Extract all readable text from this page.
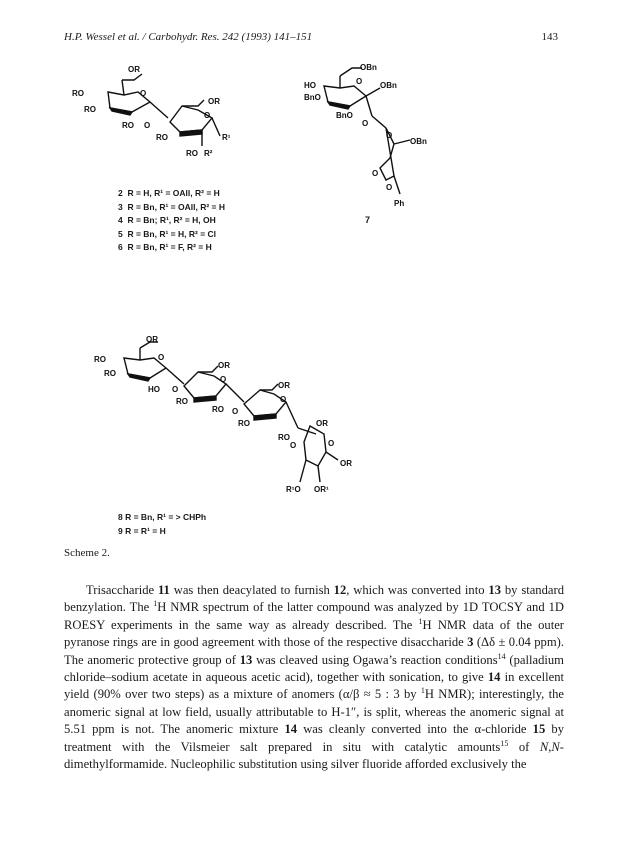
H.P. Wessel et al. / Carbohydr. Res. 242 (1993) 141–151	143
OR
RO
RO
O
RO O
OR
O
RO	R¹
RO R²
2 R = H, R¹ = OAll, R² = H
3 R = Bn, R¹ = OAll, R² = H
4 R = Bn; R¹, R² = H, OH
5 R = Bn, R¹ = H, R² = Cl
6 R = Bn, R¹ = F, R² = H
OBn
HO
BnO
O OBn
BnO
O
O
OBn
O
O
Ph
7
OR
RO
RO
O
HO O
OR
O
RO
OR
RO
O
O
RO	OR
RO
O	O
OR
R¹O OR¹
8 R = Bn, R¹ = > CHPh
9 R = R¹ = H
Scheme 2.

Trisaccharide 11 was then deacylated to furnish 12, which was converted into 13 by standard benzylation. The $^1$H NMR spectrum of the latter compound was analyzed by 1D TOCSY and 1D ROESY experiments in the same way as already described. The $^1$H NMR data of the outer pyranose rings are in good agreement with those of the respective disaccharide 3 (Δδ ± 0.04 ppm). The anomeric protective group of 13 was cleaved using Ogawa’s reaction conditions$^{14}$ (palladium chloride–sodium acetate in aqueous acetic acid), together with sonication, to give 14 in excellent yield (90% over two steps) as a mixture of anomers (α/β ≈ 5 : 3 by $^1$H NMR); interestingly, the anomeric signal at low field, usually attributable to H-1″, is split, whereas the anomeric signal at 5.51 ppm is not. The anomeric mixture 14 was cleanly converted into the α-chloride 15 by treatment with the Vilsmeier salt prepared in situ with catalytic amounts$^{15}$ of N,N-dimethylformamide. Nucleophilic substitution using silver fluoride afforded exclusively the
